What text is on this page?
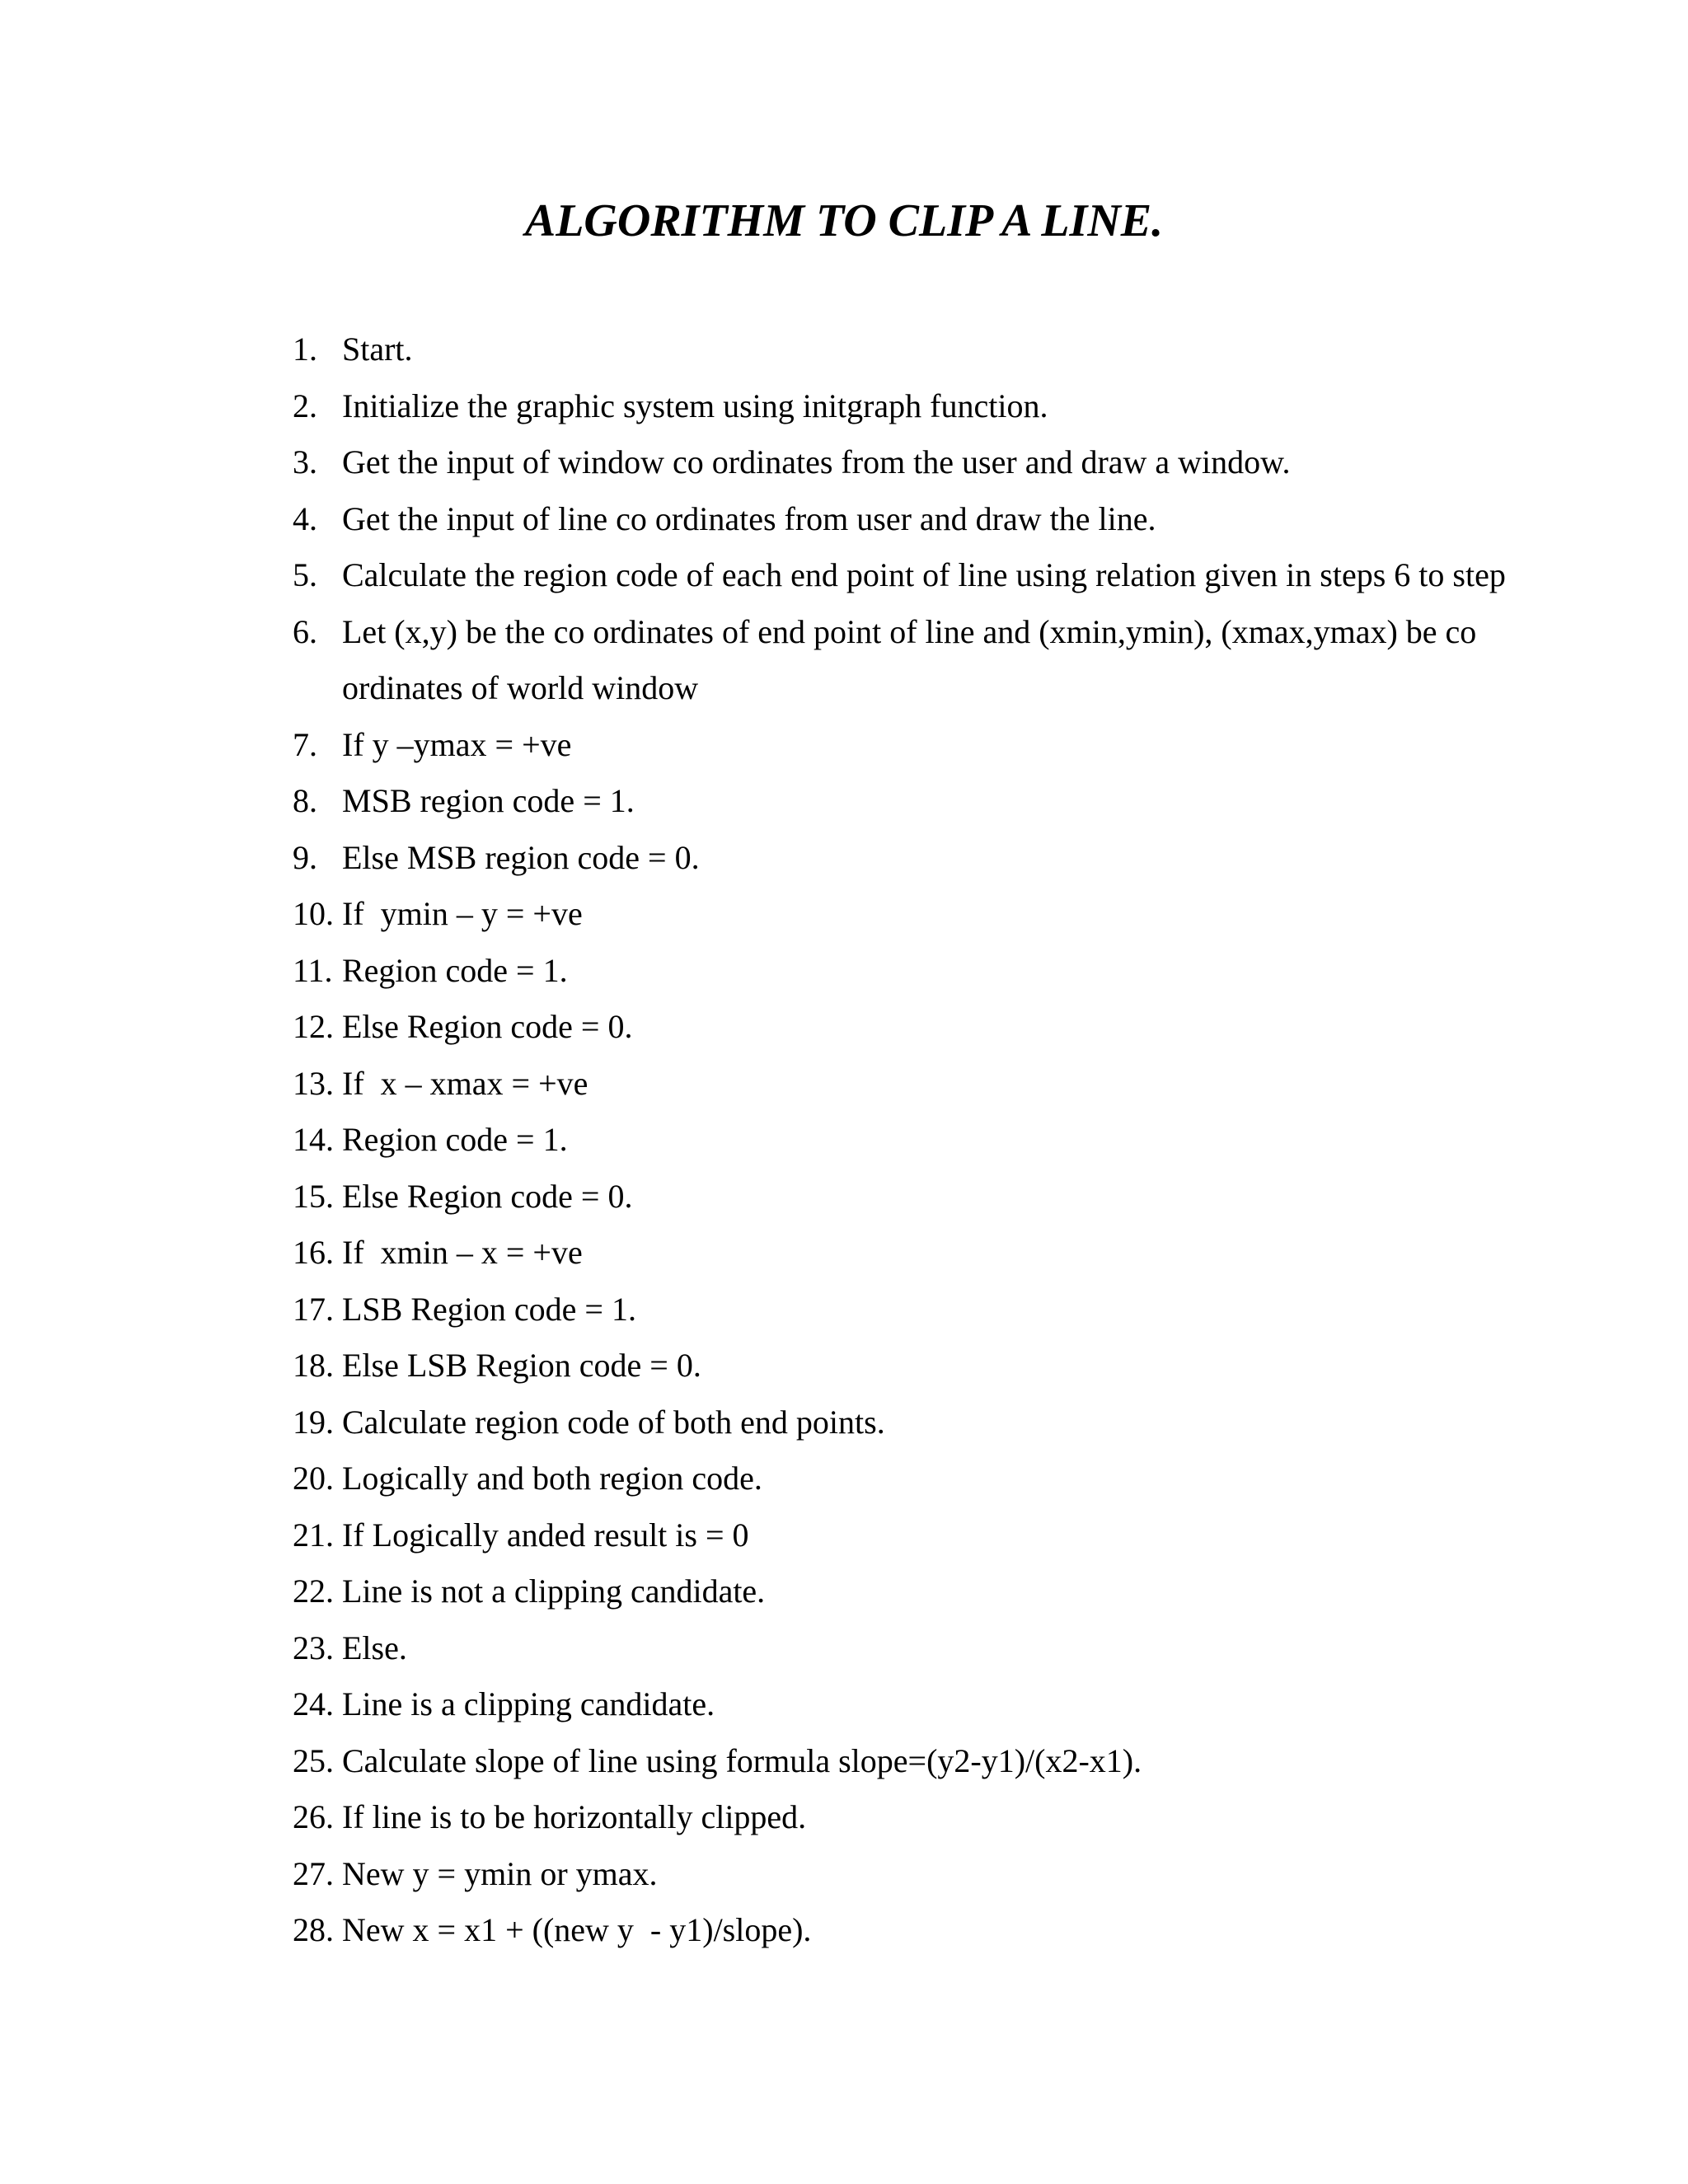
ALGORITHM TO CLIP A LINE.

1.

Start.

2.

Initialize the graphic system using initgraph function.

3.

Get the input of window co ordinates from the user and draw a window.

4.

Get the input of line co ordinates from user and draw the line.

5.

Calculate the region code of each end point of line using relation given in steps 6 to step

6.

Let (x,y) be the co ordinates of end point of line and (xmin,ymin), (xmax,ymax) be co

ordinates of world window

7.

If y –ymax = +ve

8.

MSB region code = 1.

9.

Else MSB region code = 0.

10.

If  ymin – y = +ve

11.

Region code = 1.

12.

Else Region code = 0.

13.

If  x – xmax = +ve

14.

Region code = 1.

15.

Else Region code = 0.

16.

If  xmin – x = +ve

17.

LSB Region code = 1.

18.

Else LSB Region code = 0.

19.

Calculate region code of both end points.

20.

Logically and both region code.

21.

If Logically anded result is = 0

22.

Line is not a clipping candidate.

23.

Else.

24.

Line is a clipping candidate.

25.

Calculate slope of line using formula slope=(y2-y1)/(x2-x1).

26.

If line is to be horizontally clipped.

27.

New y = ymin or ymax.

28.

New x = x1 + ((new y  - y1)/slope).
